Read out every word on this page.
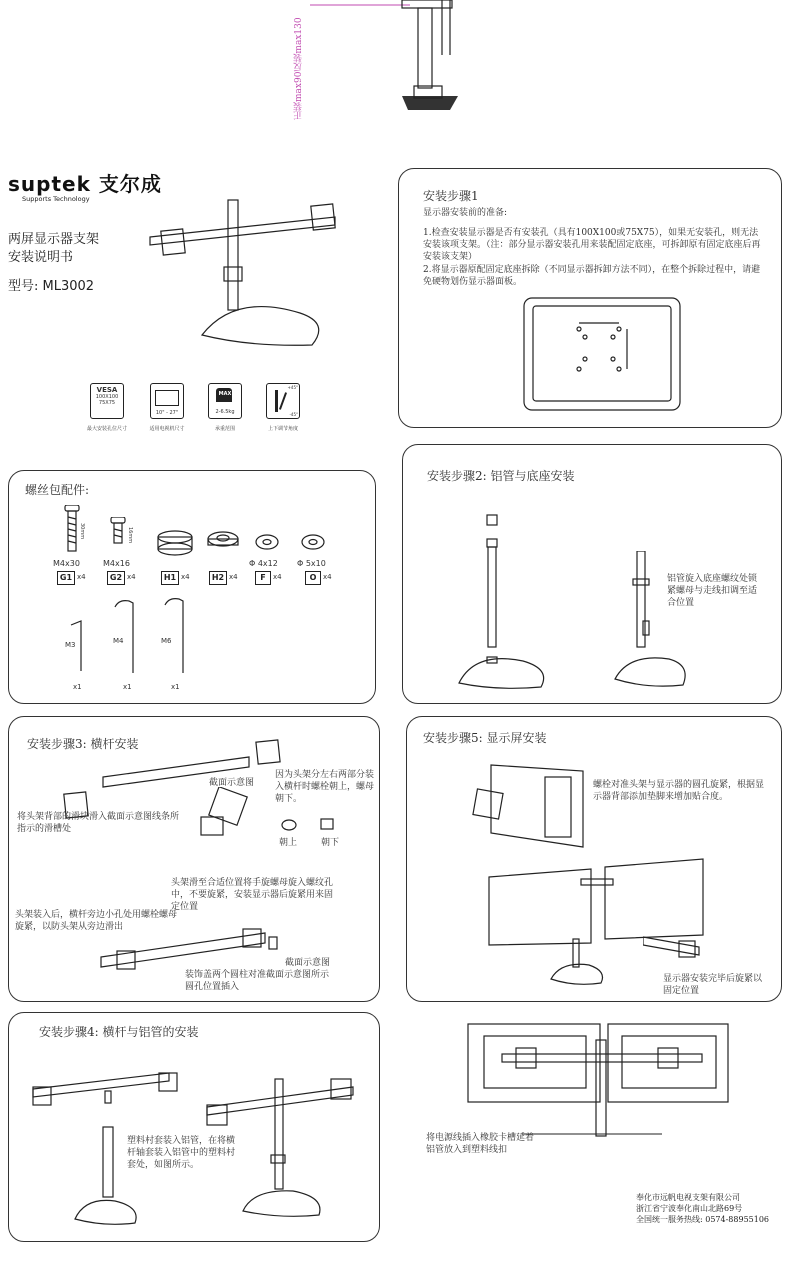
正装max90反装max130
suptek 支尔成
Supports Technology
两屏显示器支架
安装说明书
型号: ML3002
VESA
100X100
75X75
最大安装孔位尺寸
10" - 27"
适用电视机尺寸
MAX
2-6.5kg
承重范围
+45°
-45°
上下调节角度
安装步骤1
显示器安装前的准备:
1.检查安装显示器是否有安装孔（具有100X100或75X75），如果无安装孔，则无法安装该项支架。（注：部分显示器安装孔用来装配固定底座，可拆卸原有固定底座后再安装该支架）
2.将显示器原配固定底座拆除（不同显示器拆卸方法不同），在整个拆除过程中，请避免硬物划伤显示器面板。
螺丝包配件:
30mm	16mm
M4x30	M4x16	Φ 4x12 Φ 5x10
G1 x4	G2 x4	H1 x4	H2 x4	F	x4	O x4
M3	M4	M6
x1	x1	x1
安装步骤2: 铝管与底座安装
铝管旋入底座螺纹处锁紧螺母与走线扣调至适合位置
安装步骤3: 横杆安装
截面示意图
因为头架分左右两部分装入横杆时螺栓朝上，螺母朝下。
朝上	朝下
将头架背部的滑块滑入截面示意图线条所指示的滑槽处
头架滑至合适位置将手旋螺母旋入螺纹孔中，不要旋紧，安装显示器后旋紧用来固定位置
头架装入后，横杆旁边小孔处用螺栓螺母旋紧，以防头架从旁边滑出
截面示意图
装饰盖两个圆柱对准截面示意图所示圆孔位置插入
安装步骤5: 显示屏安装
螺栓对准头架与显示器的圆孔旋紧，根据显示器背部添加垫脚来增加贴合度。
显示器安装完毕后旋紧以固定位置
安装步骤4: 横杆与铝管的安装
塑料村套装入铝管，在将横杆轴套装入铝管中的塑料村套处，如图所示。
将电源线插入橡胶卡槽延着铝管放入到塑料线扣
奉化市远帆电视支架有限公司
浙江省宁波奉化南山北路69号
全国统一服务热线: 0574-88955106
